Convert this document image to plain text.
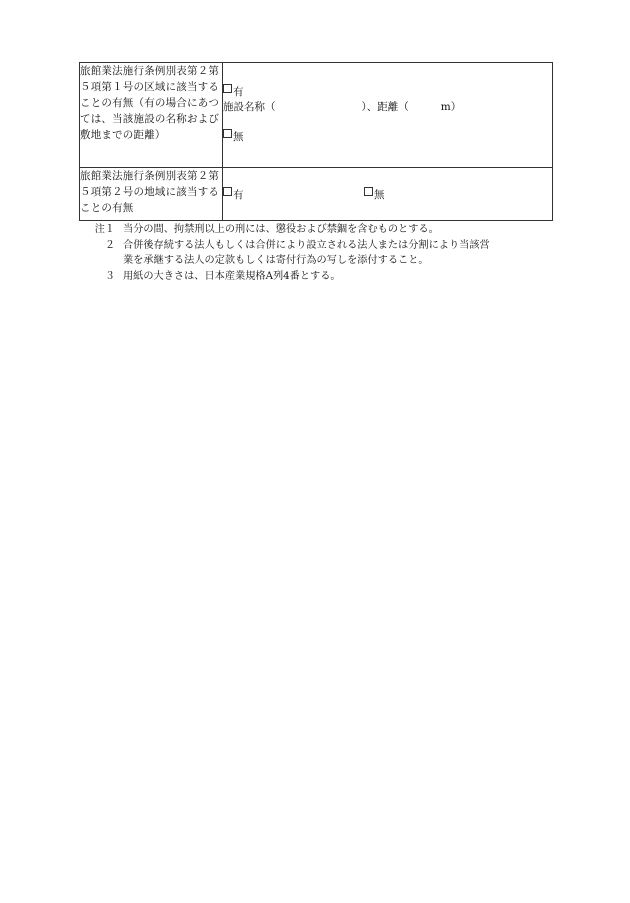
旅館業法施行条例別表第２第５項第１号の区域に該当することの有無（有の場合にあつては、当該施設の名称および敷地までの距離）	有
施設名称（ ）、距離（ m）
無

旅館業法施行条例別表第２第５項第２号の地域に該当することの有無	有 無
注１ 当分の間、拘禁刑以上の刑には、懲役および禁錮を含むものとする。
２ 合併後存続する法人もしくは合併により設立される法人または分割により当該営
業を承継する法人の定款もしくは寄付行為の写しを添付すること。
３ 用紙の大きさは、日本産業規格A列4番とする。
